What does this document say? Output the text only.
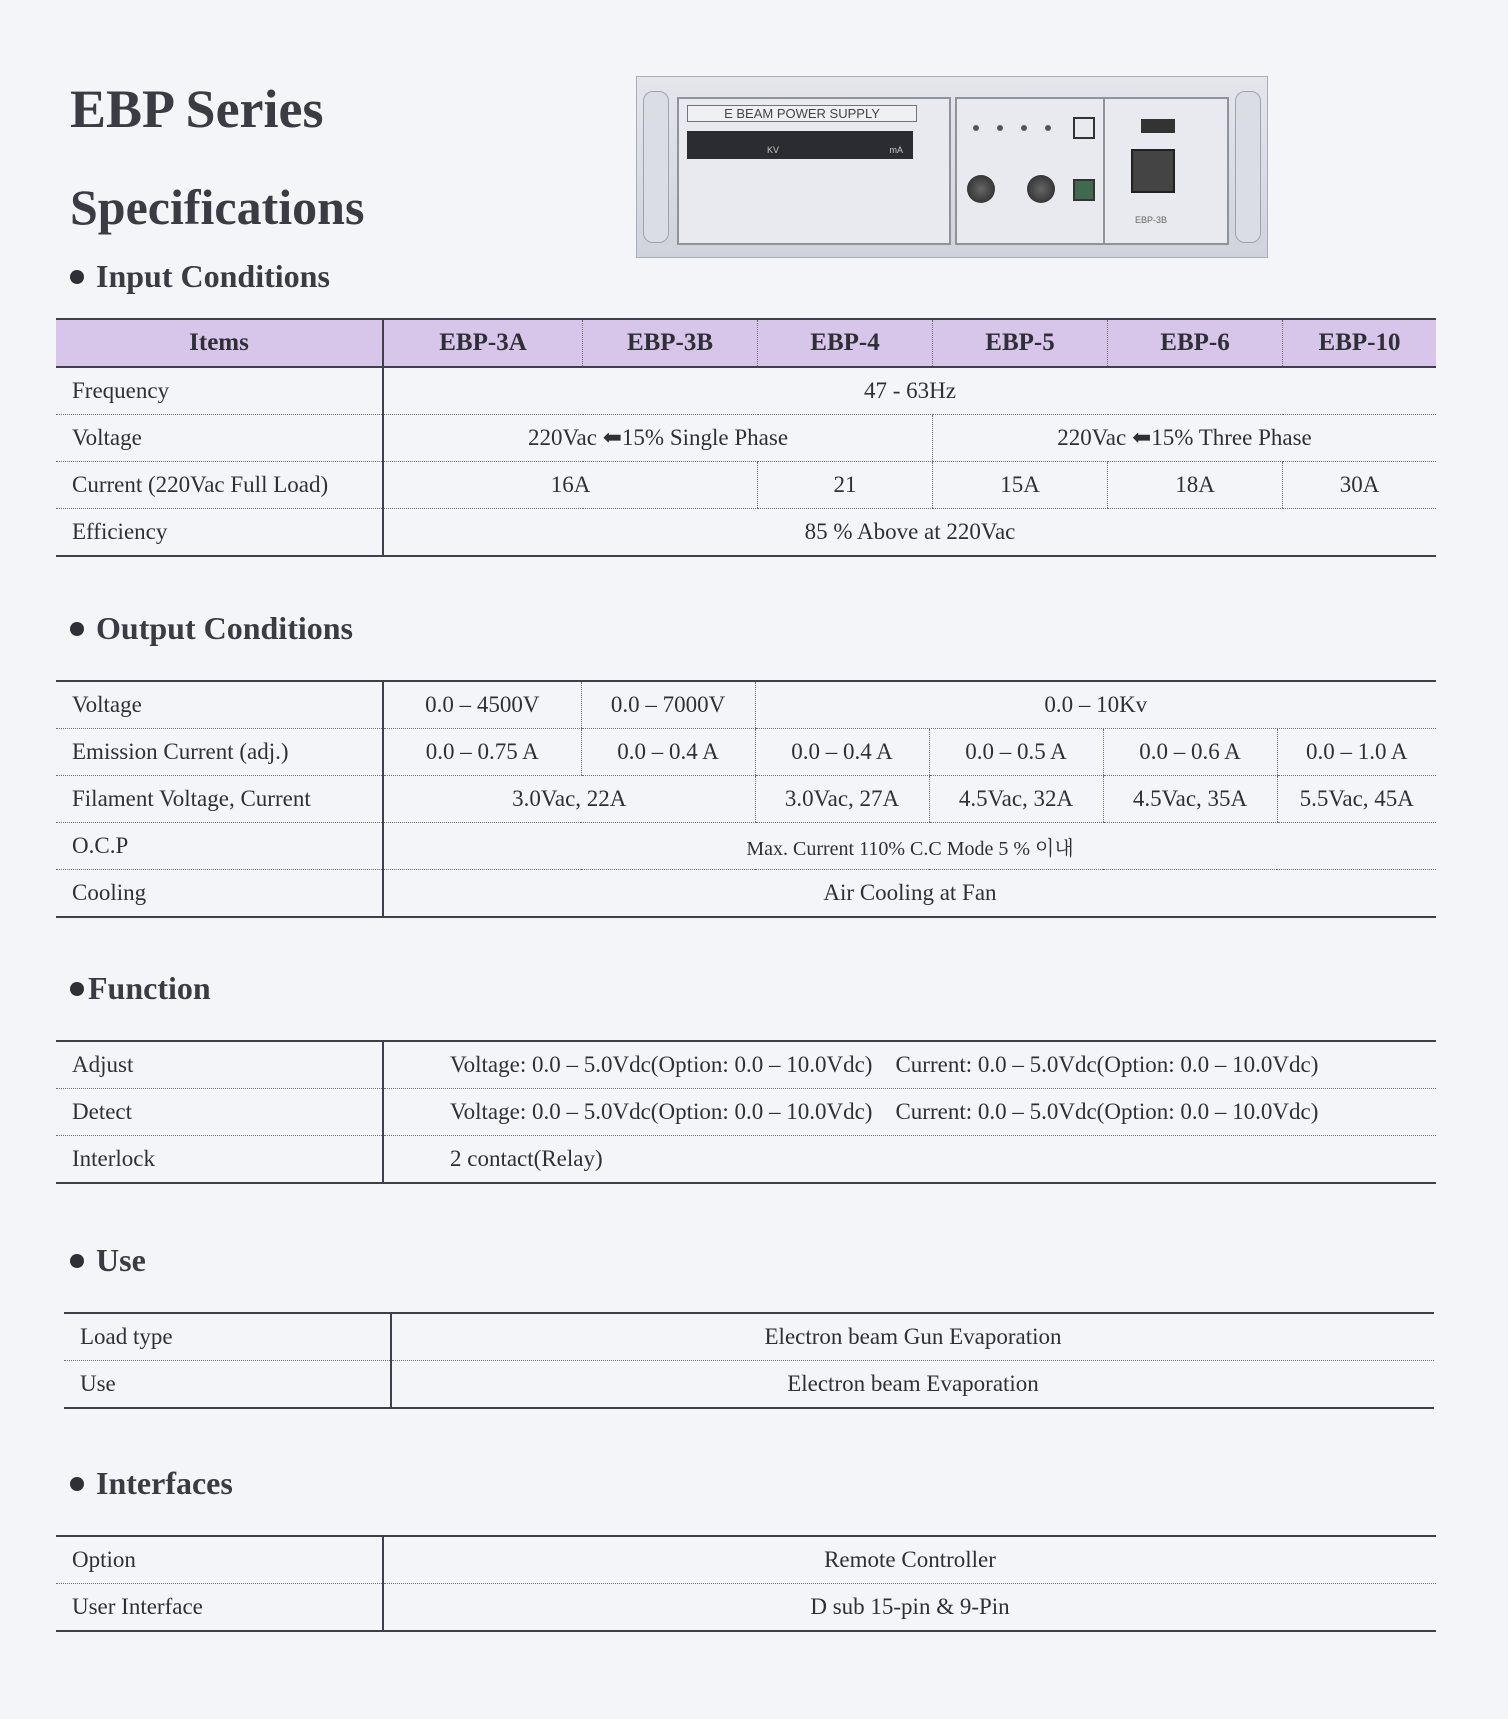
EBP Series
Specifications
E BEAM POWER SUPPLY
KV	mA
EBP-3B
Input Conditions
Items	EBP-3A	EBP-3B	EBP-4	EBP-5	EBP-6	EBP-10
Frequency	47 - 63Hz					
Voltage	220Vac ⬅15% Single Phase			220Vac ⬅15% Three Phase		
Current (220Vac Full Load)	16A		21	15A	18A	30A
Efficiency	85 % Above at 220Vac					
Output Conditions
Voltage	0.0 – 4500V	0.0 – 7000V	0.0 – 10Kv			
Emission Current (adj.)	0.0 – 0.75 A	0.0 – 0.4 A	0.0 – 0.4 A	0.0 – 0.5 A	0.0 – 0.6 A	0.0 – 1.0 A
Filament Voltage, Current	3.0Vac, 22A		3.0Vac, 27A	4.5Vac, 32A	4.5Vac, 35A	5.5Vac, 45A
O.C.P	Max. Current 110% C.C Mode 5 % 이내					
Cooling	Air Cooling at Fan					
Function
Adjust	Voltage: 0.0 – 5.0Vdc(Option: 0.0 – 10.0Vdc)    Current: 0.0 – 5.0Vdc(Option: 0.0 – 10.0Vdc)
Detect	Voltage: 0.0 – 5.0Vdc(Option: 0.0 – 10.0Vdc)    Current: 0.0 – 5.0Vdc(Option: 0.0 – 10.0Vdc)
Interlock	2 contact(Relay)
Use
Load type	Electron beam Gun Evaporation
Use	Electron beam Evaporation
Interfaces
Option	Remote Controller
User Interface	D sub 15-pin & 9-Pin
